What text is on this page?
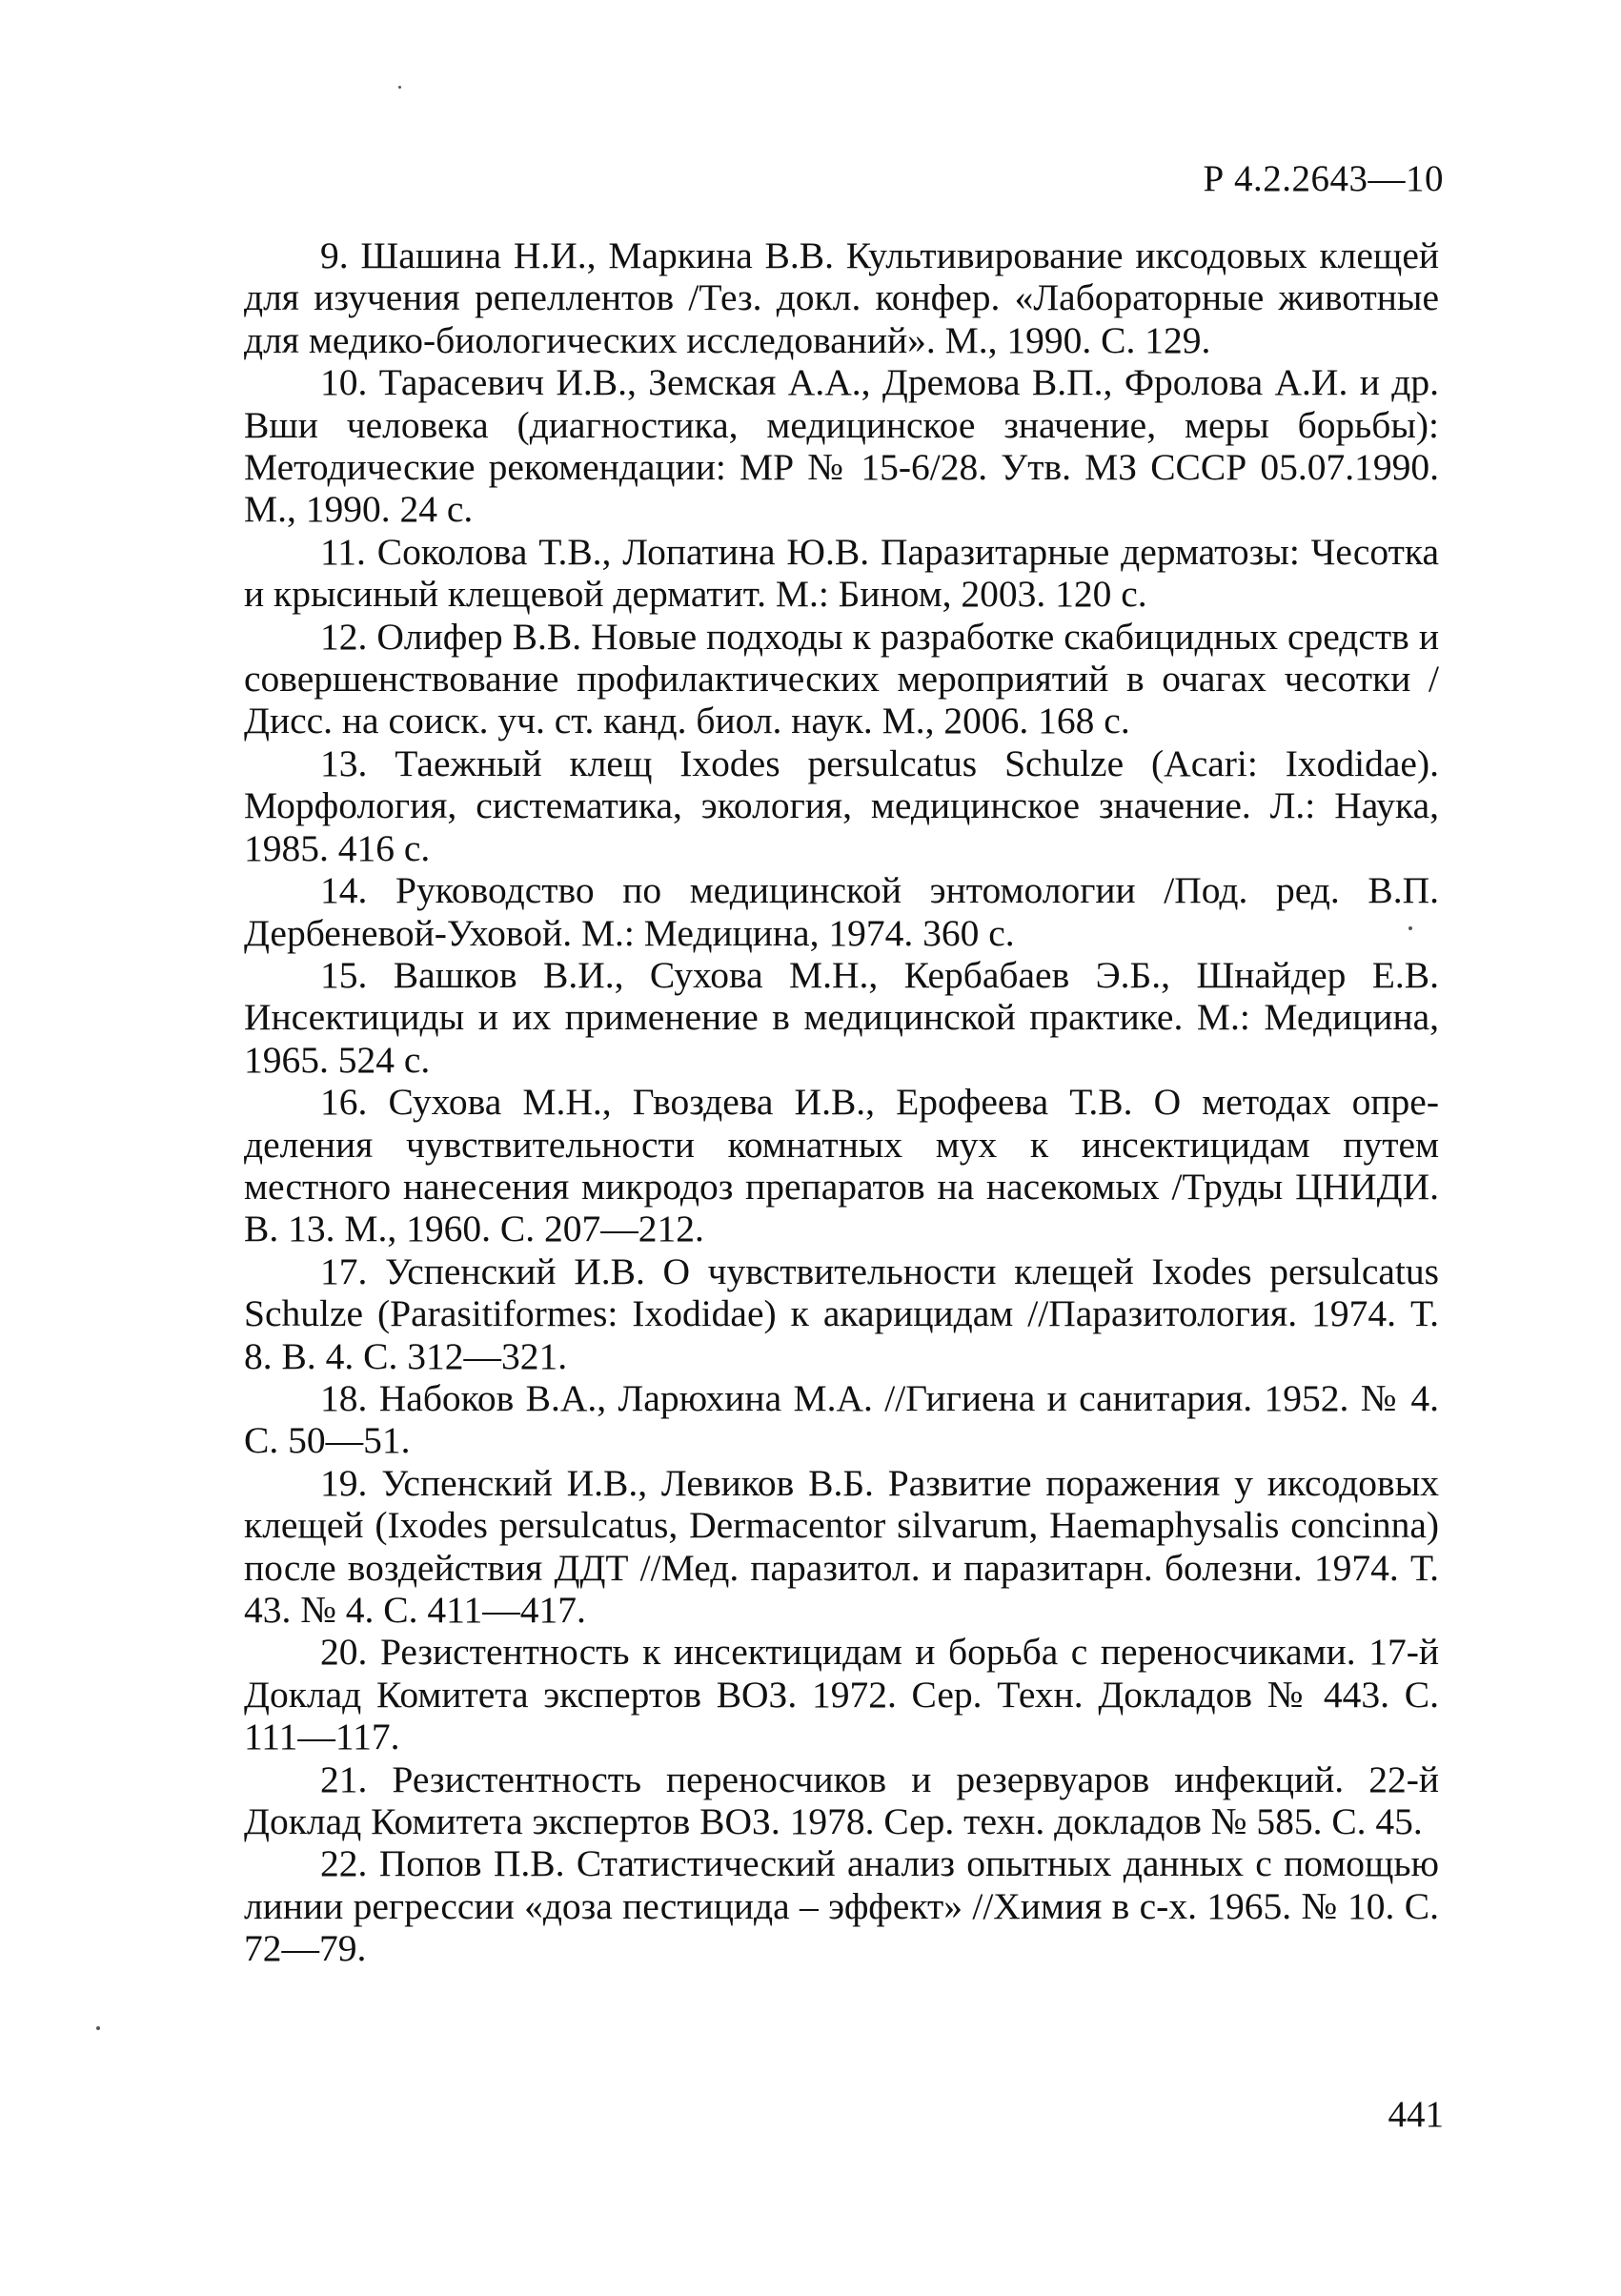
Р 4.2.2643—10
9. Шашина Н.И., Маркина В.В. Культивирование иксодовых клещей для изучения репеллентов /Тез. докл. конфер. «Лабораторные животные для медико-биологических исследований». М., 1990. С. 129.
10. Тарасевич И.В., Земская А.А., Дремова В.П., Фролова А.И. и др. Вши человека (диагностика, медицинское значение, меры борьбы): Методические рекомендации: МР № 15-6/28. Утв. МЗ СССР 05.07.1990. М., 1990. 24 с.
11. Соколова Т.В., Лопатина Ю.В. Паразитарные дерматозы: Чесотка и крысиный клещевой дерматит. М.: Бином, 2003. 120 с.
12. Олифер В.В. Новые подходы к разработке скабицидных средств и совершенствование профилактических мероприятий в очагах чесотки /Дисс. на соиск. уч. ст. канд. биол. наук. М., 2006. 168 с.
13. Таежный клещ Ixodes persulcatus Schulze (Acari: Ixodidae). Морфология, систематика, экология, медицинское значение. Л.: Наука, 1985. 416 с.
14. Руководство по медицинской энтомологии /Под. ред. В.П. Дербеневой-Уховой. М.: Медицина, 1974. 360 с.
15. Вашков В.И., Сухова М.Н., Кербабаев Э.Б., Шнайдер Е.В. Инсектициды и их применение в медицинской практике. М.: Медицина, 1965. 524 с.
16. Сухова М.Н., Гвоздева И.В., Ерофеева Т.В. О методах определения чувствительности комнатных мух к инсектицидам путем местного нанесения микродоз препаратов на насекомых /Труды ЦНИДИ. В. 13. М., 1960. С. 207—212.
17. Успенский И.В. О чувствительности клещей Ixodes persulcatus Schulze (Parasitiformes: Ixodidae) к акарицидам //Паразитология. 1974. Т. 8. В. 4. С. 312—321.
18. Набоков В.А., Ларюхина М.А. //Гигиена и санитария. 1952. № 4. С. 50—51.
19. Успенский И.В., Левиков В.Б. Развитие поражения у иксодовых клещей (Ixodes persulcatus, Dermacentor silvarum, Haemaphysalis concinna) после воздействия ДДТ //Мед. паразитол. и паразитарн. болезни. 1974. Т. 43. № 4. С. 411—417.
20. Резистентность к инсектицидам и борьба с переносчиками. 17-й Доклад Комитета экспертов ВОЗ. 1972. Сер. Техн. Докладов № 443. С. 111—117.
21. Резистентность переносчиков и резервуаров инфекций. 22-й Доклад Комитета экспертов ВОЗ. 1978. Сер. техн. докладов № 585. С. 45.
22. Попов П.В. Статистический анализ опытных данных с помощью линии регрессии «доза пестицида – эффект» //Химия в с-х. 1965. № 10. С. 72—79.
441
